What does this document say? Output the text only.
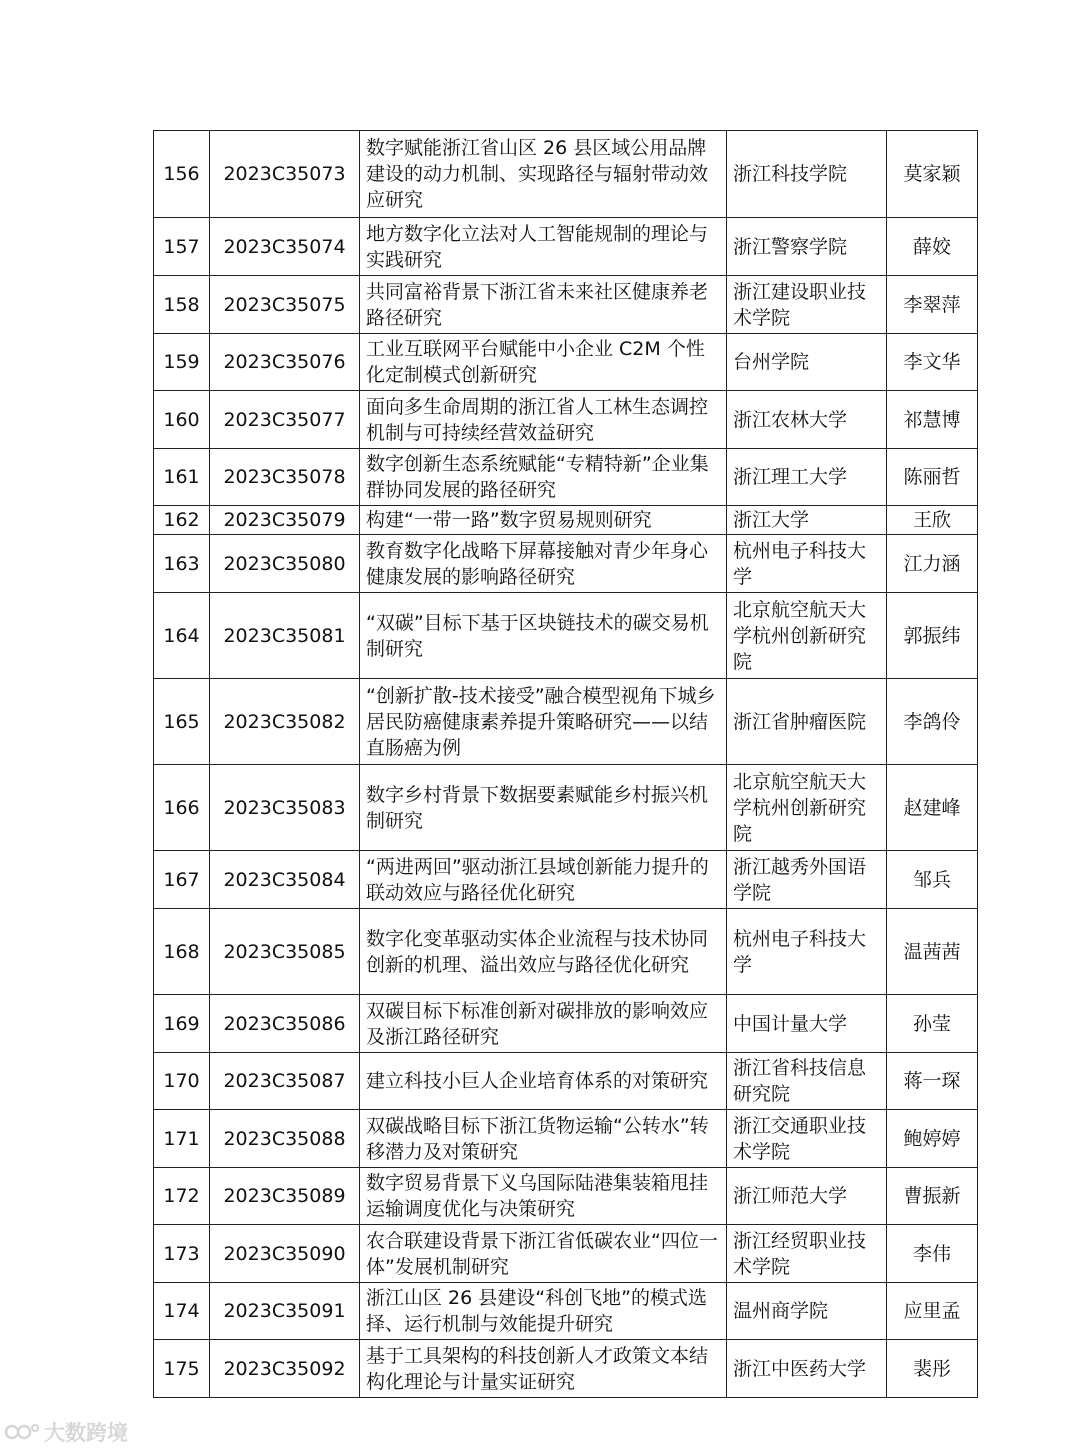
156	2023C35073	数字赋能浙江省山区 26 县区域公用品牌建设的动力机制、实现路径与辐射带动效应研究	浙江科技学院	莫家颖
157	2023C35074	地方数字化立法对人工智能规制的理论与实践研究	浙江警察学院	薛姣
158	2023C35075	共同富裕背景下浙江省未来社区健康养老路径研究	浙江建设职业技术学院	李翠萍
159	2023C35076	工业互联网平台赋能中小企业 C2M 个性化定制模式创新研究	台州学院	李文华
160	2023C35077	面向多生命周期的浙江省人工林生态调控机制与可持续经营效益研究	浙江农林大学	祁慧博
161	2023C35078	数字创新生态系统赋能“专精特新”企业集群协同发展的路径研究	浙江理工大学	陈丽哲
162	2023C35079	构建“一带一路”数字贸易规则研究	浙江大学	王欣
163	2023C35080	教育数字化战略下屏幕接触对青少年身心健康发展的影响路径研究	杭州电子科技大学	江力涵
164	2023C35081	“双碳”目标下基于区块链技术的碳交易机制研究	北京航空航天大学杭州创新研究院	郭振纬
165	2023C35082	“创新扩散-技术接受”融合模型视角下城乡居民防癌健康素养提升策略研究——以结直肠癌为例	浙江省肿瘤医院	李鸽伶
166	2023C35083	数字乡村背景下数据要素赋能乡村振兴机制研究	北京航空航天大学杭州创新研究院	赵建峰
167	2023C35084	“两进两回”驱动浙江县域创新能力提升的联动效应与路径优化研究	浙江越秀外国语学院	邹兵
168	2023C35085	数字化变革驱动实体企业流程与技术协同创新的机理、溢出效应与路径优化研究	杭州电子科技大学	温茜茜
169	2023C35086	双碳目标下标准创新对碳排放的影响效应及浙江路径研究	中国计量大学	孙莹
170	2023C35087	建立科技小巨人企业培育体系的对策研究	浙江省科技信息研究院	蒋一琛
171	2023C35088	双碳战略目标下浙江货物运输“公转水”转移潜力及对策研究	浙江交通职业技术学院	鲍婷婷
172	2023C35089	数字贸易背景下义乌国际陆港集装箱甩挂运输调度优化与决策研究	浙江师范大学	曹振新
173	2023C35090	农合联建设背景下浙江省低碳农业“四位一体”发展机制研究	浙江经贸职业技术学院	李伟
174	2023C35091	浙江山区 26 县建设“科创飞地”的模式选择、运行机制与效能提升研究	温州商学院	应里孟
175	2023C35092	基于工具架构的科技创新人才政策文本结构化理论与计量实证研究	浙江中医药大学	裴彤
大数跨境
